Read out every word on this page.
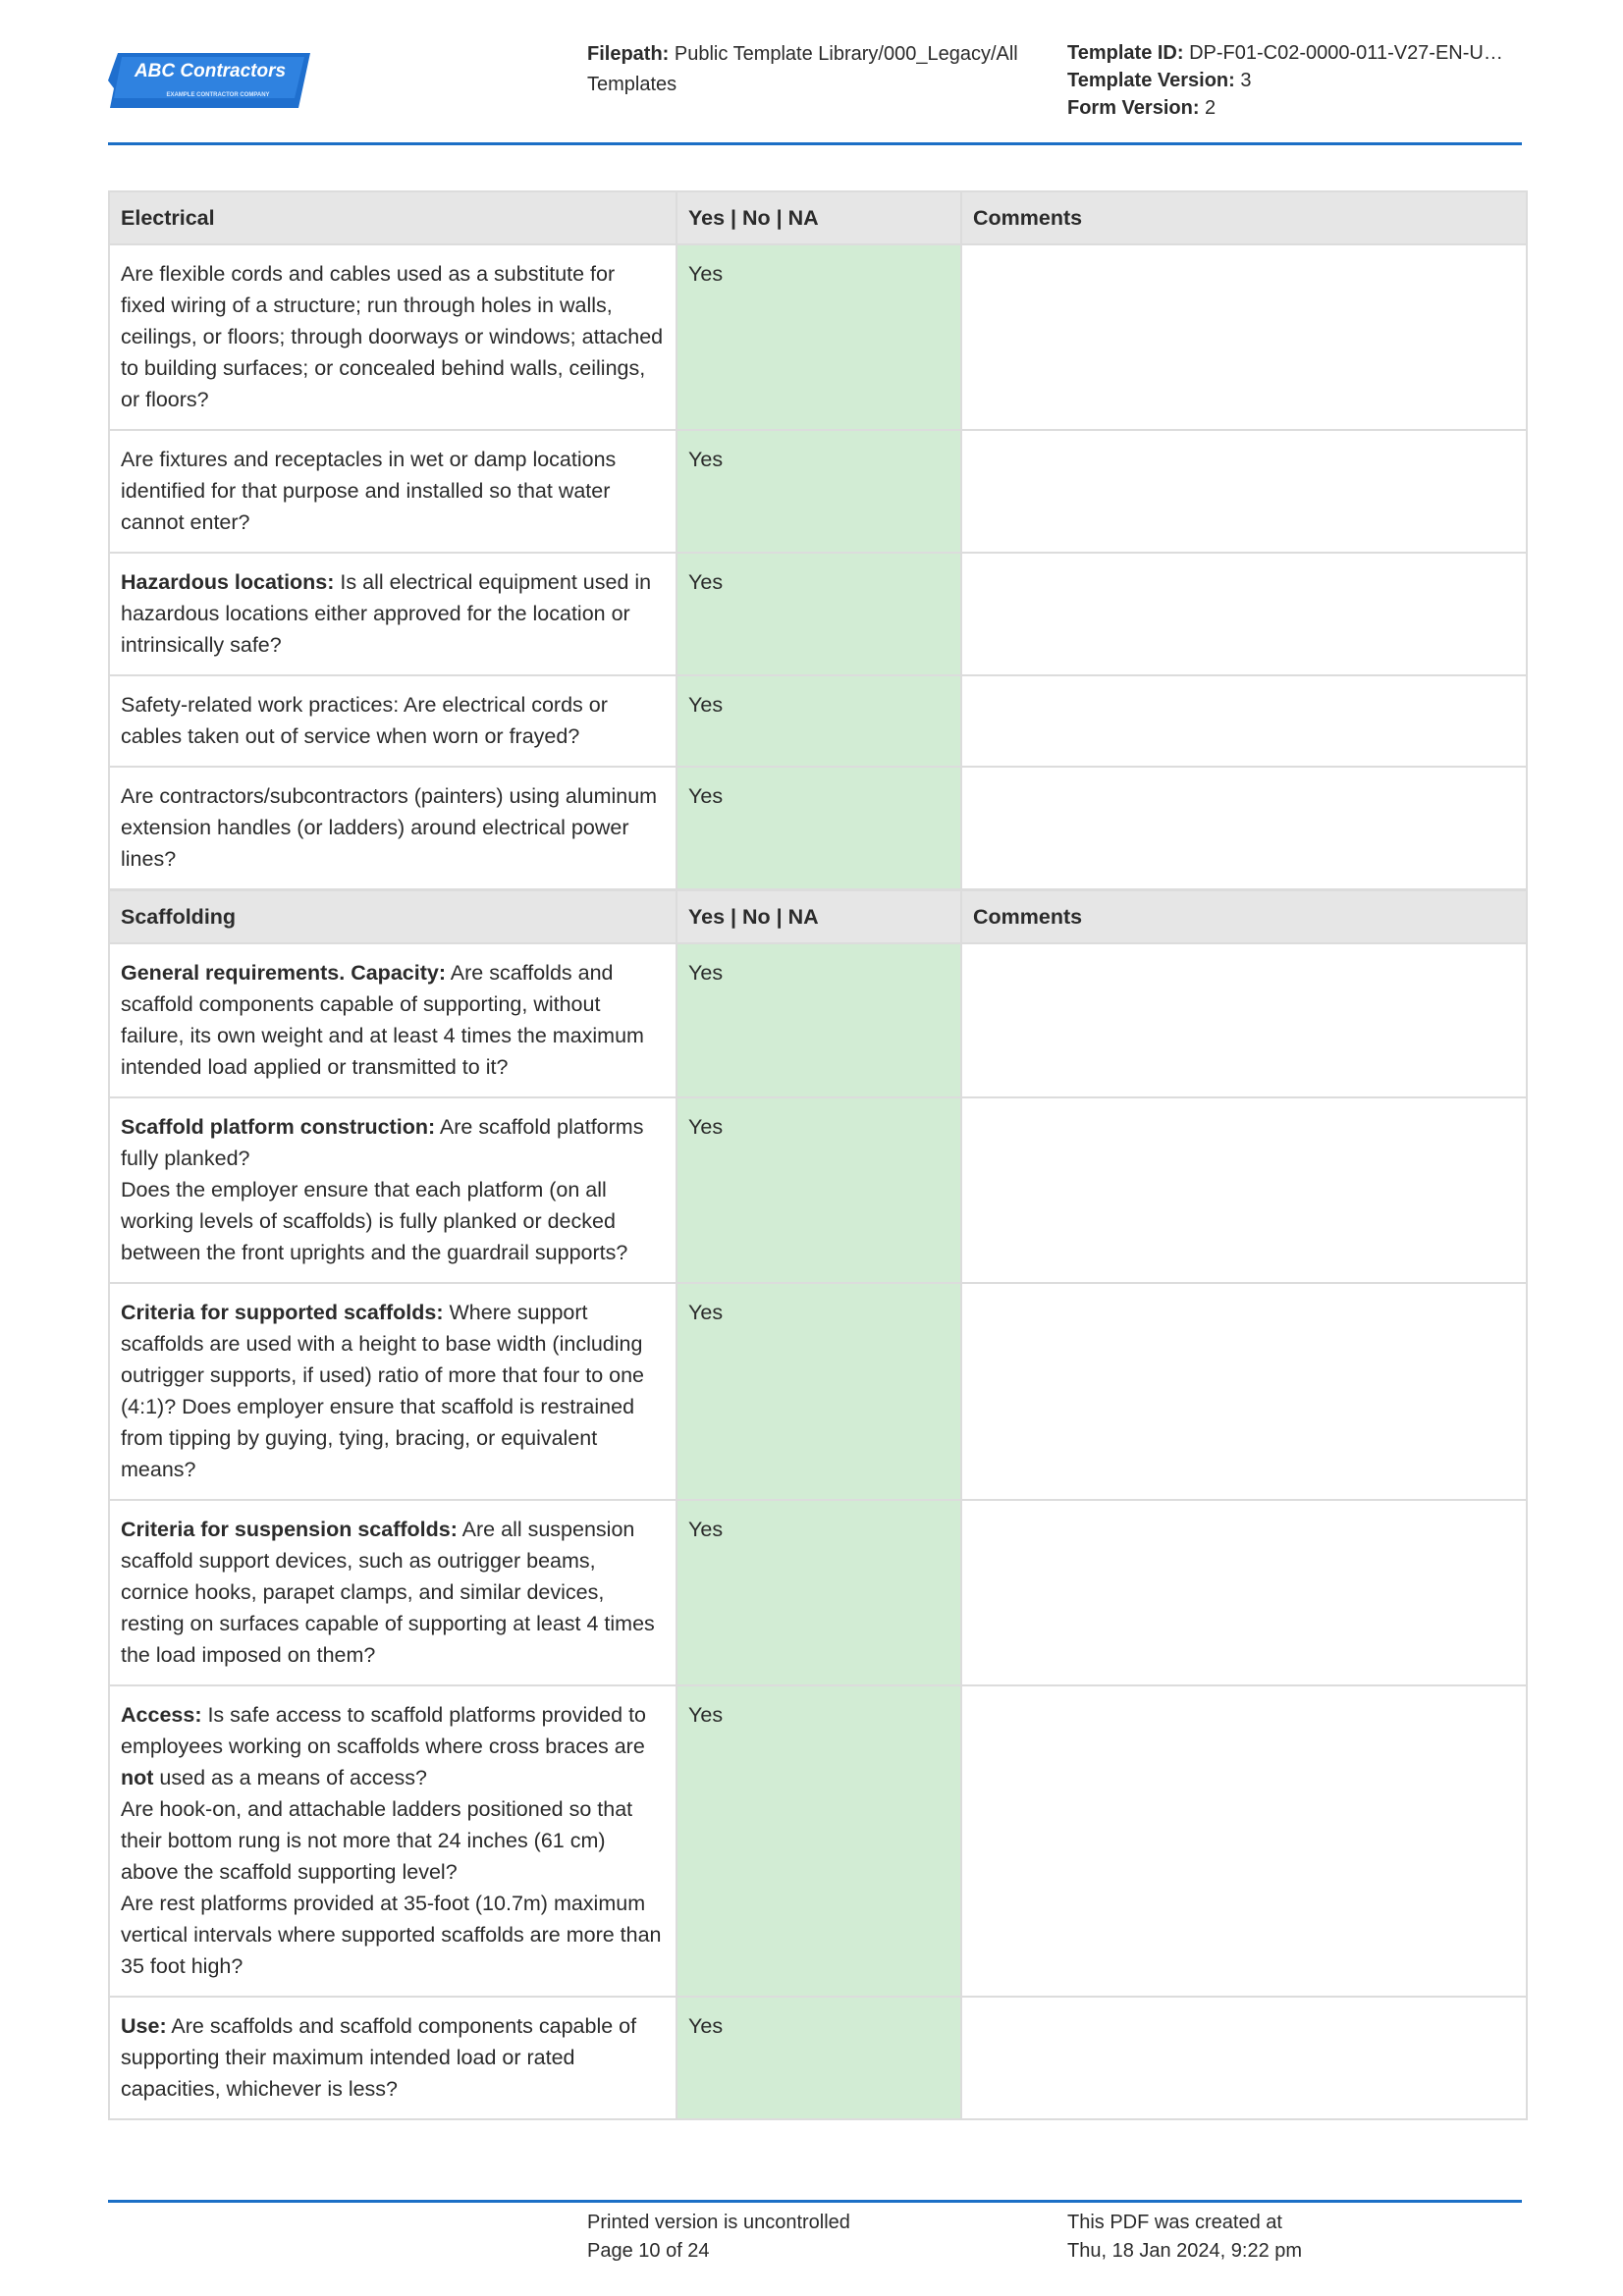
ABC Contractors
EXAMPLE CONTRACTOR COMPANY
Filepath: Public Template Library/000_Legacy/All Templates
Template ID: DP-F01-C02-0000-011-V27-EN-U…
Template Version: 3
Form Version: 2
Electrical	Yes | No | NA	Comments
Are flexible cords and cables used as a substitute for fixed wiring of a structure; run through holes in walls, ceilings, or floors; through doorways or windows; attached to building surfaces; or concealed behind walls, ceilings, or floors?	Yes	
Are fixtures and receptacles in wet or damp locations identified for that purpose and installed so that water cannot enter?	Yes	
Hazardous locations: Is all electrical equipment used in hazardous locations either approved for the location or intrinsically safe?	Yes	
Safety-related work practices: Are electrical cords or cables taken out of service when worn or frayed?	Yes	
Are contractors/subcontractors (painters) using aluminum extension handles (or ladders) around electrical power lines?	Yes	
Scaffolding	Yes | No | NA	Comments
General requirements. Capacity: Are scaffolds and scaffold components capable of supporting, without failure, its own weight and at least 4 times the maximum intended load applied or transmitted to it?	Yes	
Scaffold platform construction: Are scaffold platforms fully planked?
Does the employer ensure that each platform (on all working levels of scaffolds) is fully planked or decked between the front uprights and the guardrail supports?	Yes	
Criteria for supported scaffolds: Where support scaffolds are used with a height to base width (including outrigger supports, if used) ratio of more that four to one (4:1)? Does employer ensure that scaffold is restrained from tipping by guying, tying, bracing, or equivalent means?	Yes	
Criteria for suspension scaffolds: Are all suspension scaffold support devices, such as outrigger beams, cornice hooks, parapet clamps, and similar devices, resting on surfaces capable of supporting at least 4 times the load imposed on them?	Yes	
Access: Is safe access to scaffold platforms provided to employees working on scaffolds where cross braces are not used as a means of access?
Are hook-on, and attachable ladders positioned so that their bottom rung is not more that 24 inches (61 cm) above the scaffold supporting level?
Are rest platforms provided at 35-foot (10.7m) maximum vertical intervals where supported scaffolds are more than 35 foot high?	Yes	
Use: Are scaffolds and scaffold components capable of supporting their maximum intended load or rated capacities, whichever is less?	Yes	
Printed version is uncontrolled
Page 10 of 24
This PDF was created at
Thu, 18 Jan 2024, 9:22 pm
